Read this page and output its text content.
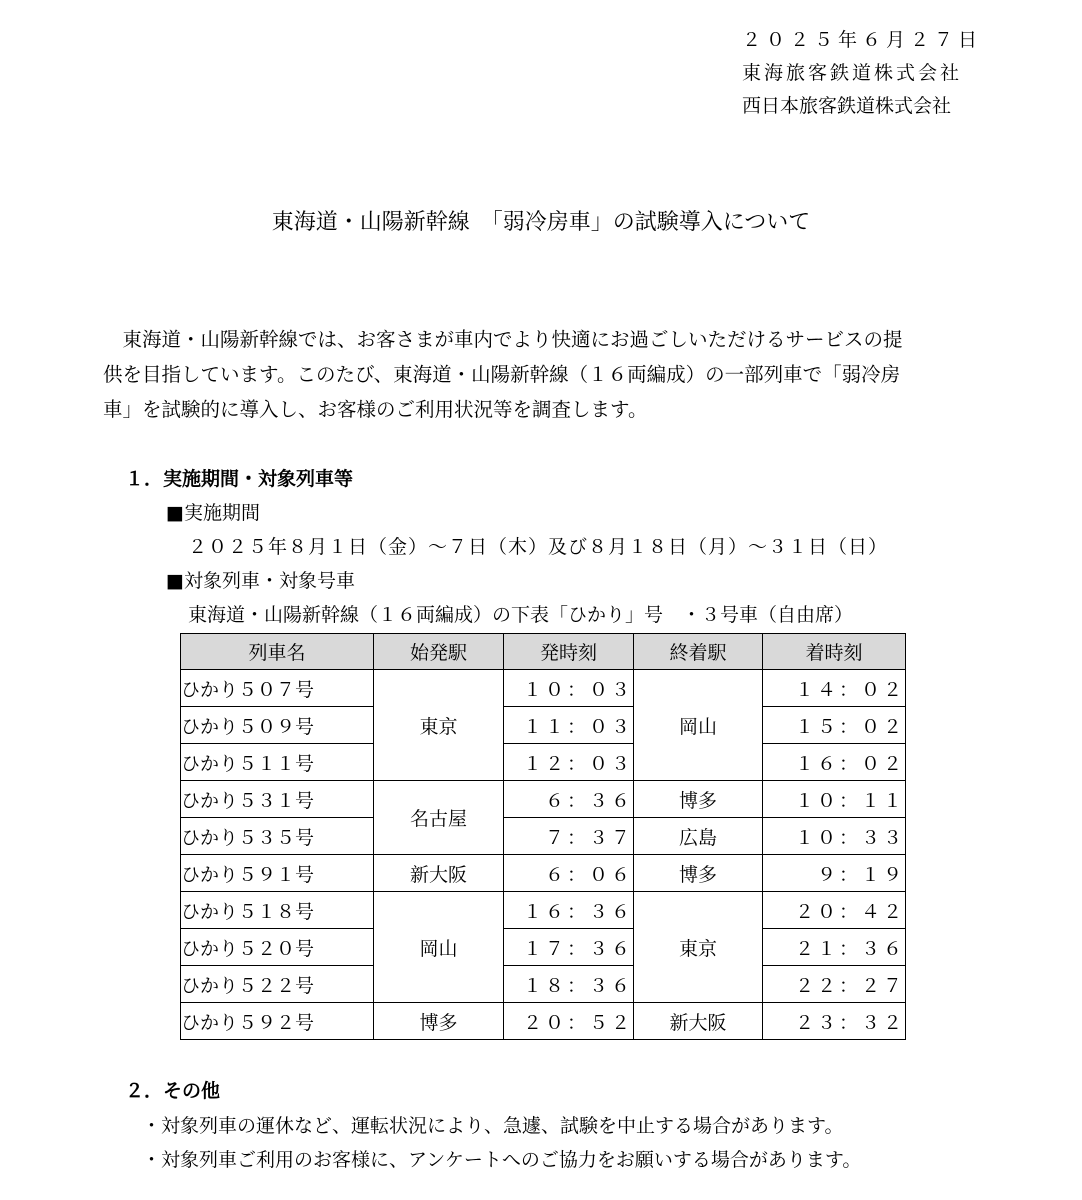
２０２５年６月２７日
東海旅客鉄道株式会社
西日本旅客鉄道株式会社
東海道・山陽新幹線　「弱冷房車」の試験導入について
　東海道・山陽新幹線では、お客さまが車内でより快適にお過ごしいただけるサービスの提
供を目指しています。このたび、東海道・山陽新幹線（１６両編成）の一部列車で「弱冷房
車」を試験的に導入し、お客様のご利用状況等を調査します。
１．実施期間・対象列車等
■実施期間
２０２５年８月１日（金）～７日（木）及び８月１８日（月）～３１日（日）
■対象列車・対象号車
東海道・山陽新幹線（１６両編成）の下表「ひかり」号　・３号車（自由席）
列車名	始発駅	発時刻	終着駅	着時刻
ひかり５０７号	東京	１０：０３	岡山	１４：０２
ひかり５０９号		１１：０３		１５：０２
ひかり５１１号		１２：０３		１６：０２
ひかり５３１号	名古屋	６：３６	博多	１０：１１
ひかり５３５号		７：３７	広島	１０：３３
ひかり５９１号	新大阪	６：０６	博多	９：１９
ひかり５１８号	岡山	１６：３６	東京	２０：４２
ひかり５２０号		１７：３６		２１：３６
ひかり５２２号		１８：３６		２２：２７
ひかり５９２号	博多	２０：５２	新大阪	２３：３２
２．その他
・対象列車の運休など、運転状況により、急遽、試験を中止する場合があります。
・対象列車ご利用のお客様に、アンケートへのご協力をお願いする場合があります。
